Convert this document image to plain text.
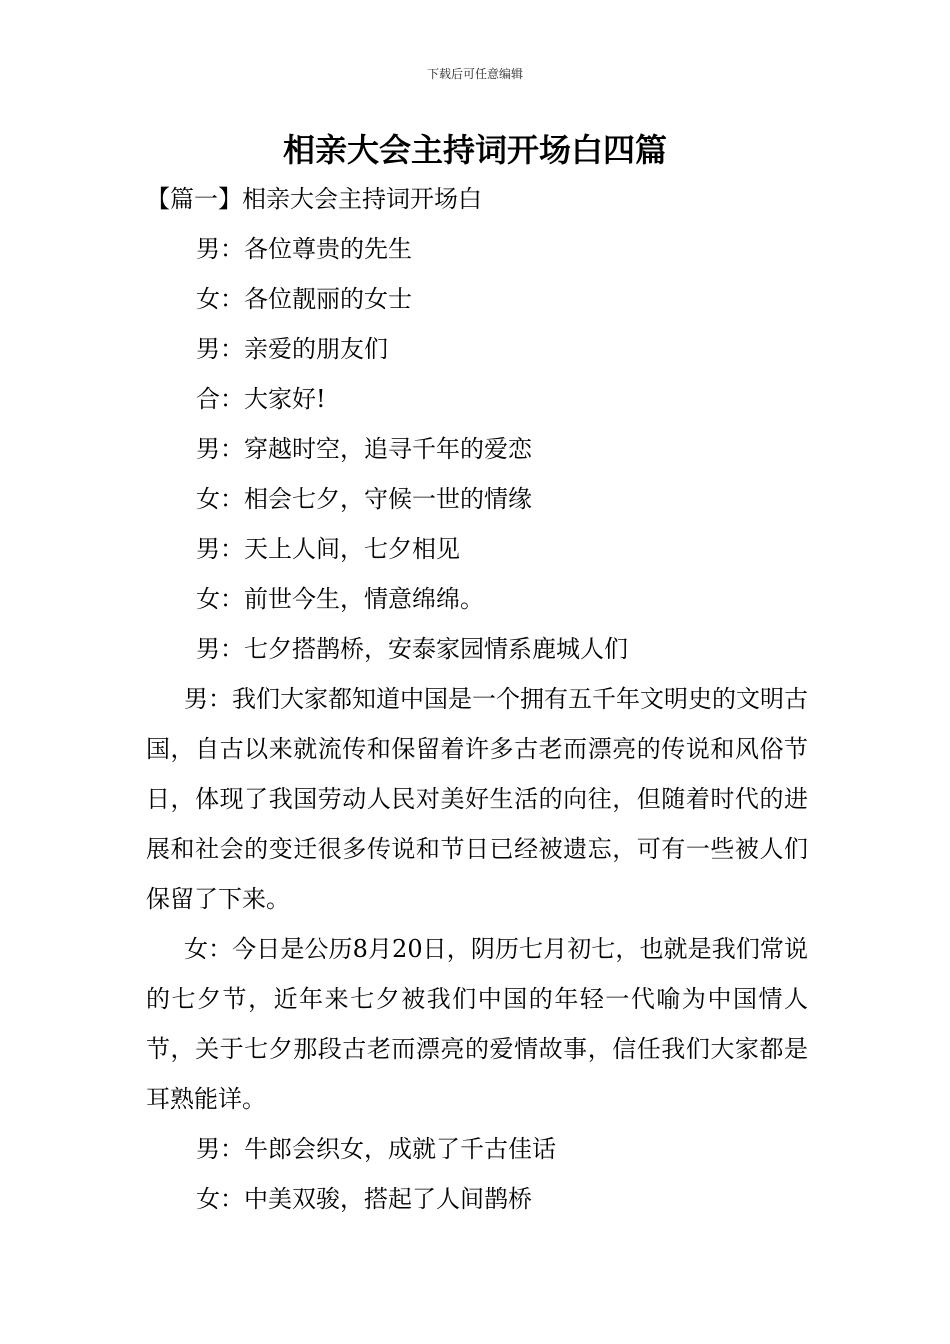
下载后可任意编辑
相亲大会主持词开场白四篇

【篇一】相亲大会主持词开场白

男：各位尊贵的先生

女：各位靓丽的女士

男：亲爱的朋友们

合：大家好!

男：穿越时空，追寻千年的爱恋

女：相会七夕，守候一世的情缘

男：天上人间，七夕相见

女：前世今生，情意绵绵。

男：七夕搭鹊桥，安泰家园情系鹿城人们

男：我们大家都知道中国是一个拥有五千年文明史的文明古国，自古以来就流传和保留着许多古老而漂亮的传说和风俗节日，体现了我国劳动人民对美好生活的向往，但随着时代的进展和社会的变迁很多传说和节日已经被遗忘，可有一些被人们保留了下来。

女：今日是公历8月20日，阴历七月初七，也就是我们常说的七夕节，近年来七夕被我们中国的年轻一代喻为中国情人节，关于七夕那段古老而漂亮的爱情故事，信任我们大家都是耳熟能详。

男：牛郎会织女，成就了千古佳话

女：中美双骏，搭起了人间鹊桥
